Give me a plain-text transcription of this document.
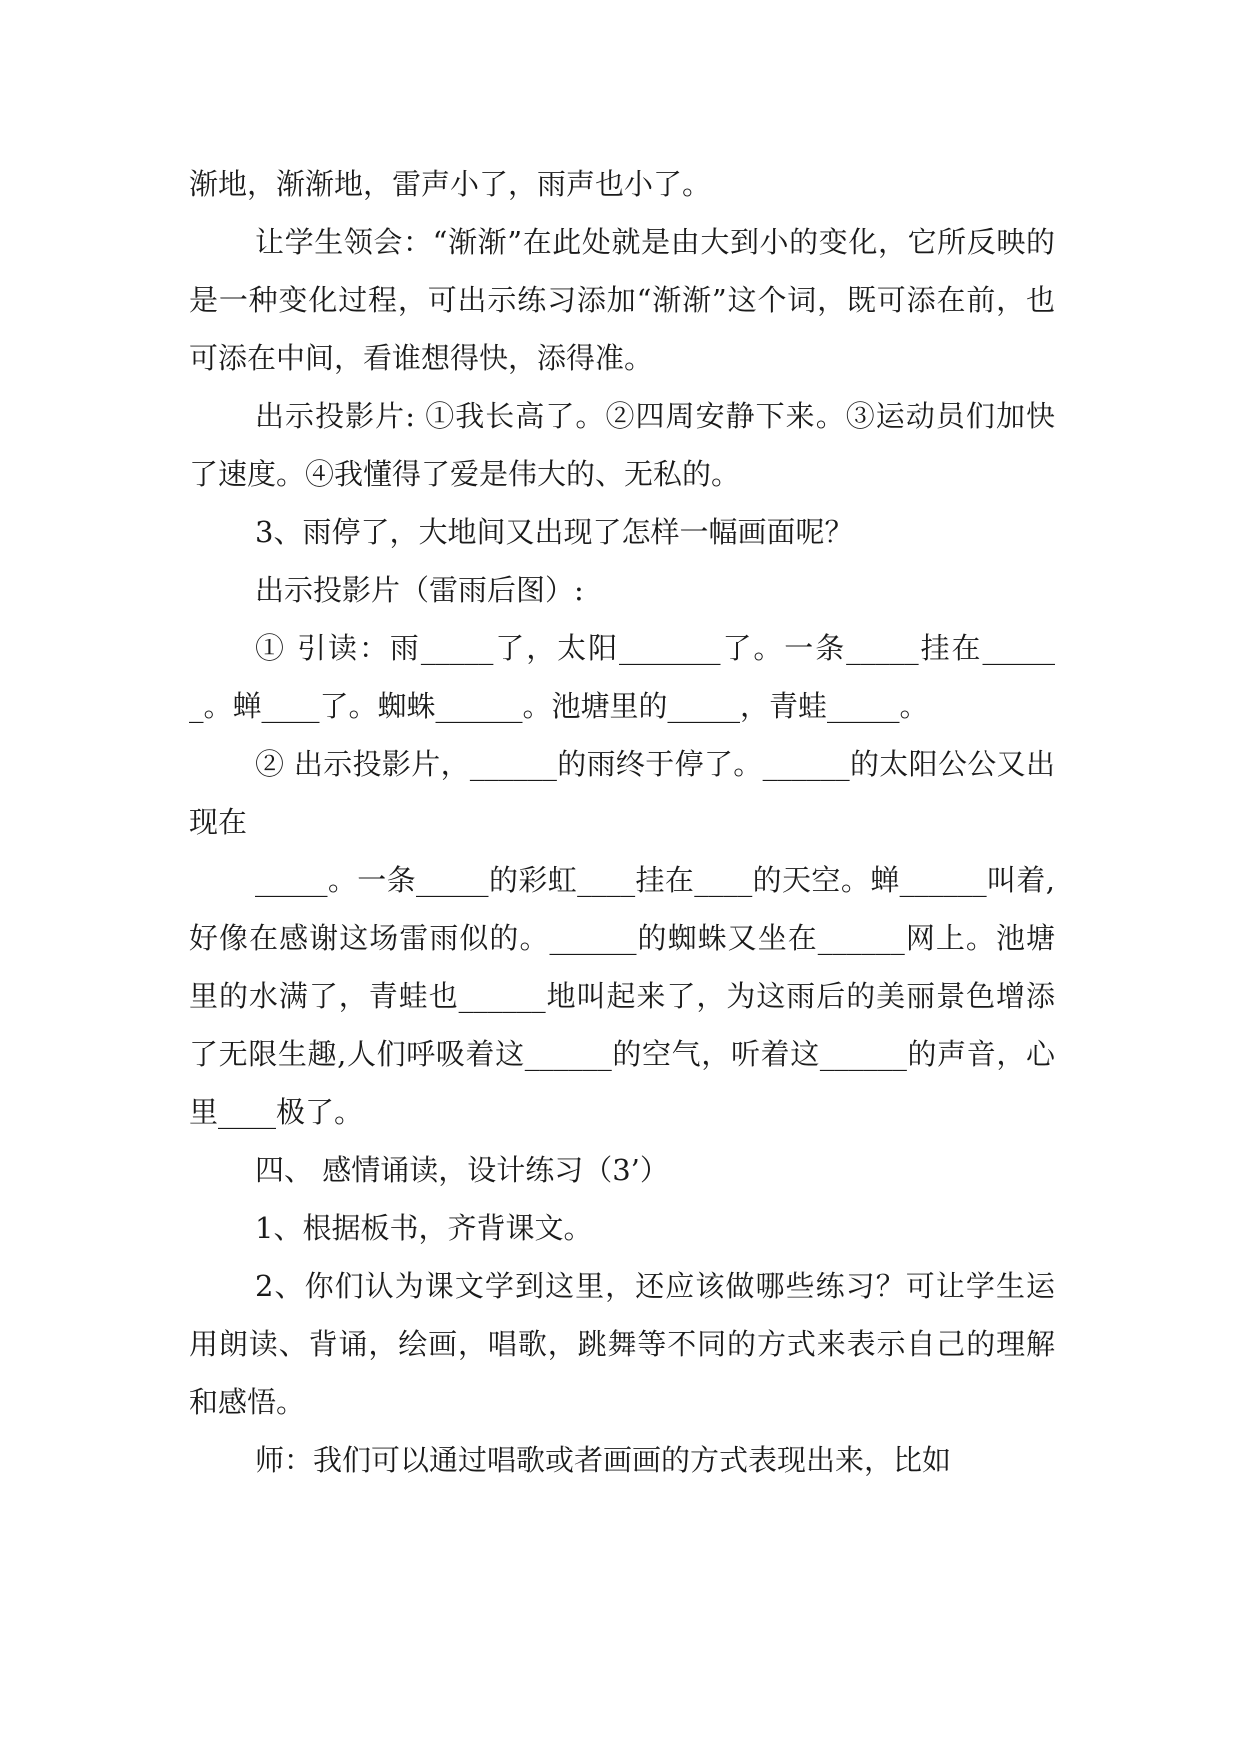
渐地，渐渐地，雷声小了，雨声也小了。

让学生领会：“渐渐”在此处就是由大到小的变化，它所反映的是一种变化过程，可出示练习添加“渐渐”这个词，既可添在前，也可添在中间，看谁想得快，添得准。

出示投影片: ①我长高了。②四周安静下来。③运动员们加快了速度。④我懂得了爱是伟大的、无私的。

3、雨停了，大地间又出现了怎样一幅画面呢？

出示投影片（雷雨后图）:

① 引读：雨_____了，太阳_______了。一条_____挂在______。蝉____了。蜘蛛______。池塘里的_____，青蛙_____。

② 出示投影片，______的雨终于停了。______的太阳公公又出现在

_____。一条_____的彩虹____挂在____的天空。蝉______叫着,好像在感谢这场雷雨似的。______的蜘蛛又坐在______网上。池塘里的水满了，青蛙也______地叫起来了，为这雨后的美丽景色增添了无限生趣,人们呼吸着这______的空气，听着这______的声音，心里____极了。

四、 感情诵读，设计练习（3’）

1、根据板书，齐背课文。

2、你们认为课文学到这里，还应该做哪些练习？可让学生运用朗读、背诵，绘画，唱歌，跳舞等不同的方式来表示自己的理解和感悟。

师：我们可以通过唱歌或者画画的方式表现出来，比如
